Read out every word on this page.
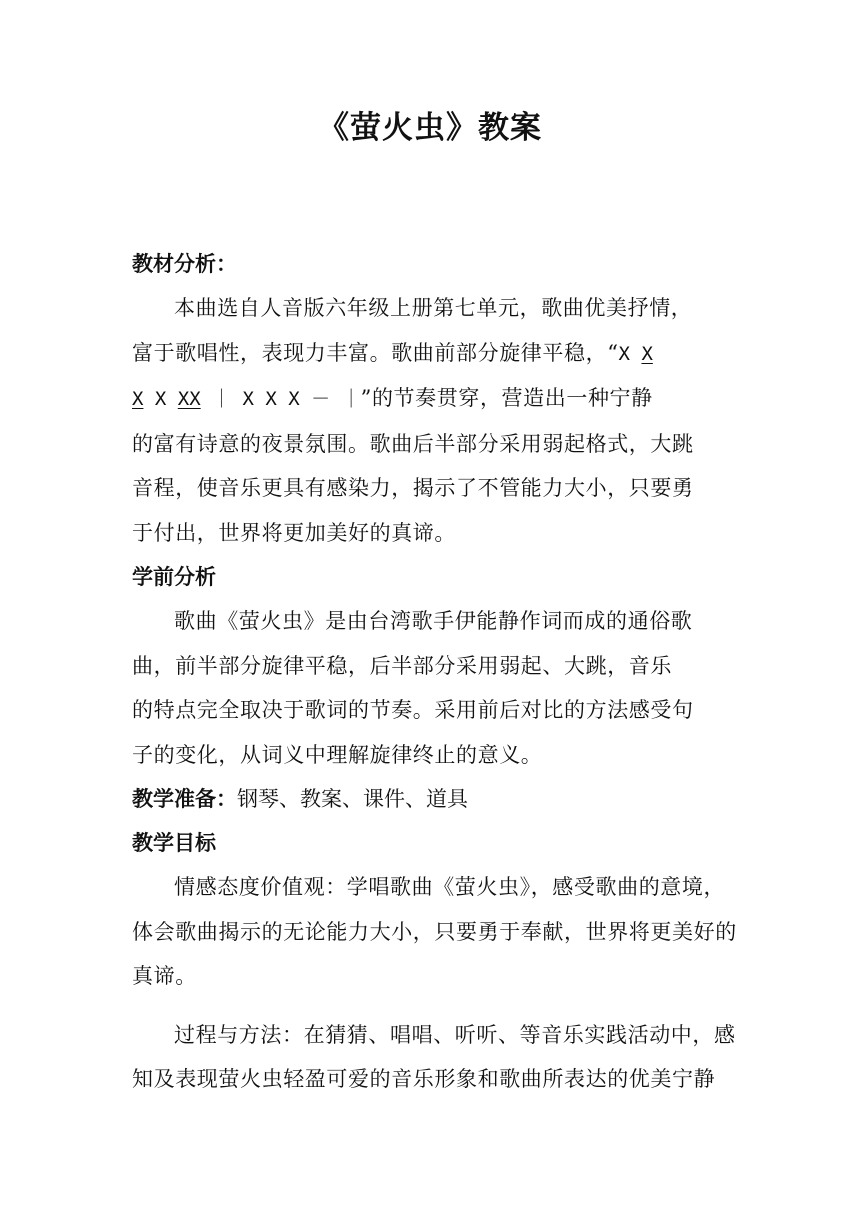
《萤火虫》教案
教材分析：
本曲选自人音版六年级上册第七单元，歌曲优美抒情，
富于歌唱性，表现力丰富。歌曲前部分旋律平稳，“X X
X X XX ｜ X X X － ｜”的节奏贯穿，营造出一种宁静
的富有诗意的夜景氛围。歌曲后半部分采用弱起格式，大跳
音程，使音乐更具有感染力，揭示了不管能力大小，只要勇
于付出，世界将更加美好的真谛。
学前分析
歌曲《萤火虫》是由台湾歌手伊能静作词而成的通俗歌
曲，前半部分旋律平稳，后半部分采用弱起、大跳，音乐
的特点完全取决于歌词的节奏。采用前后对比的方法感受句
子的变化，从词义中理解旋律终止的意义。
教学准备：钢琴、教案、课件、道具
教学目标
情感态度价值观：学唱歌曲《萤火虫》，感受歌曲的意境，
体会歌曲揭示的无论能力大小，只要勇于奉献，世界将更美好的
真谛。
过程与方法：在猜猜、唱唱、听听、等音乐实践活动中，感
知及表现萤火虫轻盈可爱的音乐形象和歌曲所表达的优美宁静
